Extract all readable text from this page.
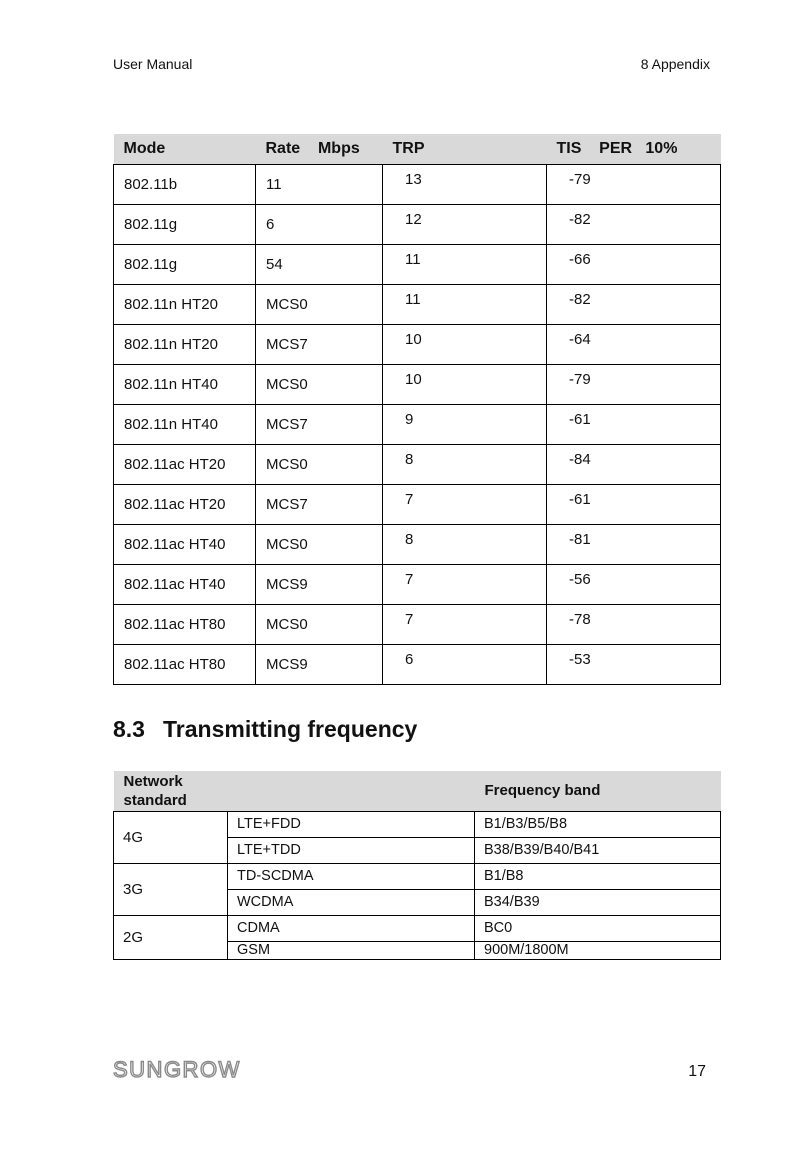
User Manual	8 Appendix
Mode	Rate    Mbps	TRP	TIS    PER   10%
802.11b	11	13	-79
802.11g	6	12	-82
802.11g	54	11	-66
802.11n HT20	MCS0	11	-82
802.11n HT20	MCS7	10	-64
802.11n HT40	MCS0	10	-79
802.11n HT40	MCS7	9	-61
802.11ac HT20	MCS0	8	-84
802.11ac HT20	MCS7	7	-61
802.11ac HT40	MCS0	8	-81
802.11ac HT40	MCS9	7	-56
802.11ac HT80	MCS0	7	-78
802.11ac HT80	MCS9	6	-53
8.3 Transmitting frequency
Network standard		Frequency band
4G	LTE+FDD	B1/B3/B5/B8
	LTE+TDD	B38/B39/B40/B41
3G	TD-SCDMA	B1/B8
	WCDMA	B34/B39
2G	CDMA	BC0
	GSM	900M/1800M
SUNGROW	17
